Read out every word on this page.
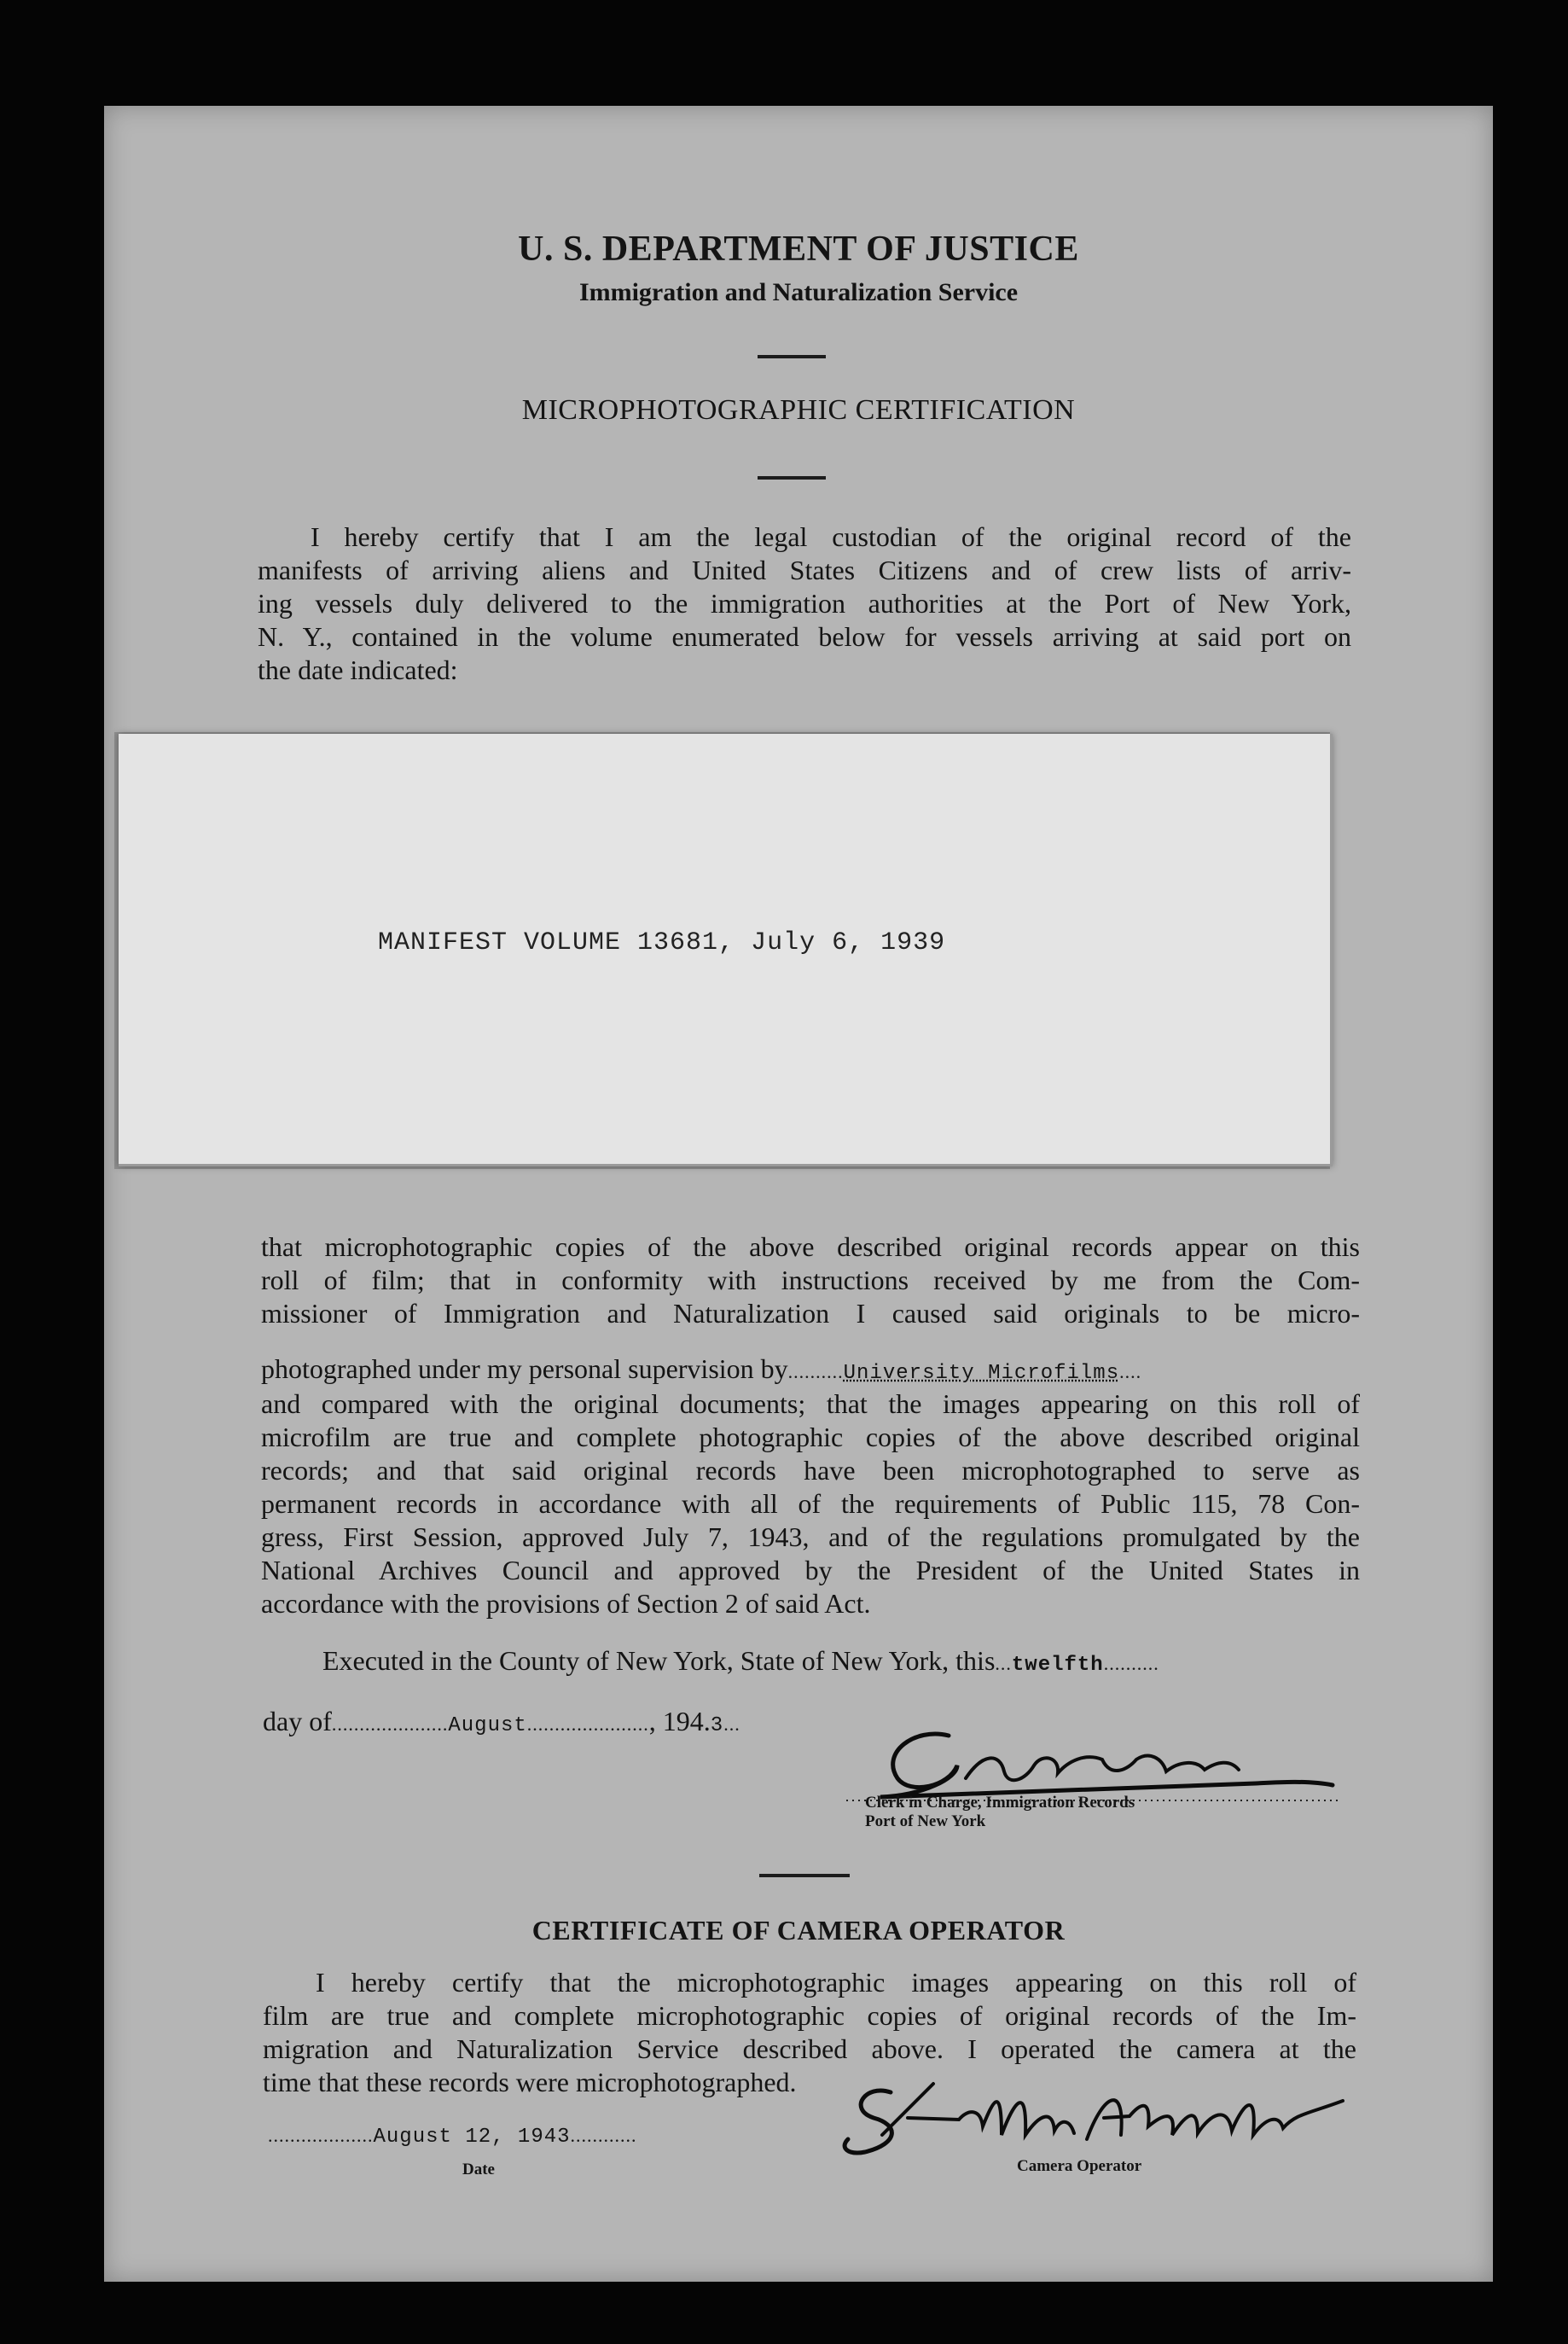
U. S. DEPARTMENT OF JUSTICE
Immigration and Naturalization Service
MICROPHOTOGRAPHIC CERTIFICATION
I hereby certify that I am the legal custodian of the original record of the
manifests of arriving aliens and United States Citizens and of crew lists of arriv-
ing vessels duly delivered to the immigration authorities at the Port of New York,
N. Y., contained in the volume enumerated below for vessels arriving at said port on
the date indicated:
MANIFEST VOLUME 13681, July 6, 1939
that microphotographic copies of the above described original records appear on this
roll of film; that in conformity with instructions received by me from the Com-
missioner of Immigration and Naturalization I caused said originals to be micro-
photographed under my personal supervision by..........University Microfilms....
and compared with the original documents; that the images appearing on this roll of
microfilm are true and complete photographic copies of the above described original
records; and that said original records have been microphotographed to serve as
permanent records in accordance with all of the requirements of Public 115, 78 Con-
gress, First Session, approved July 7, 1943, and of the regulations promulgated by the
National Archives Council and approved by the President of the United States in
accordance with the provisions of Section 2 of said Act.
Executed in the County of New York, State of New York, this...twelfth..........
day of.....................August......................, 194.3...
Clerk in Charge, Immigration Records
Port of New York
CERTIFICATE OF CAMERA OPERATOR
I hereby certify that the microphotographic images appearing on this roll of
film are true and complete microphotographic copies of original records of the Im-
migration and Naturalization Service described above. I operated the camera at the
time that these records were microphotographed.
...................August 12, 1943............
Date	Camera Operator
